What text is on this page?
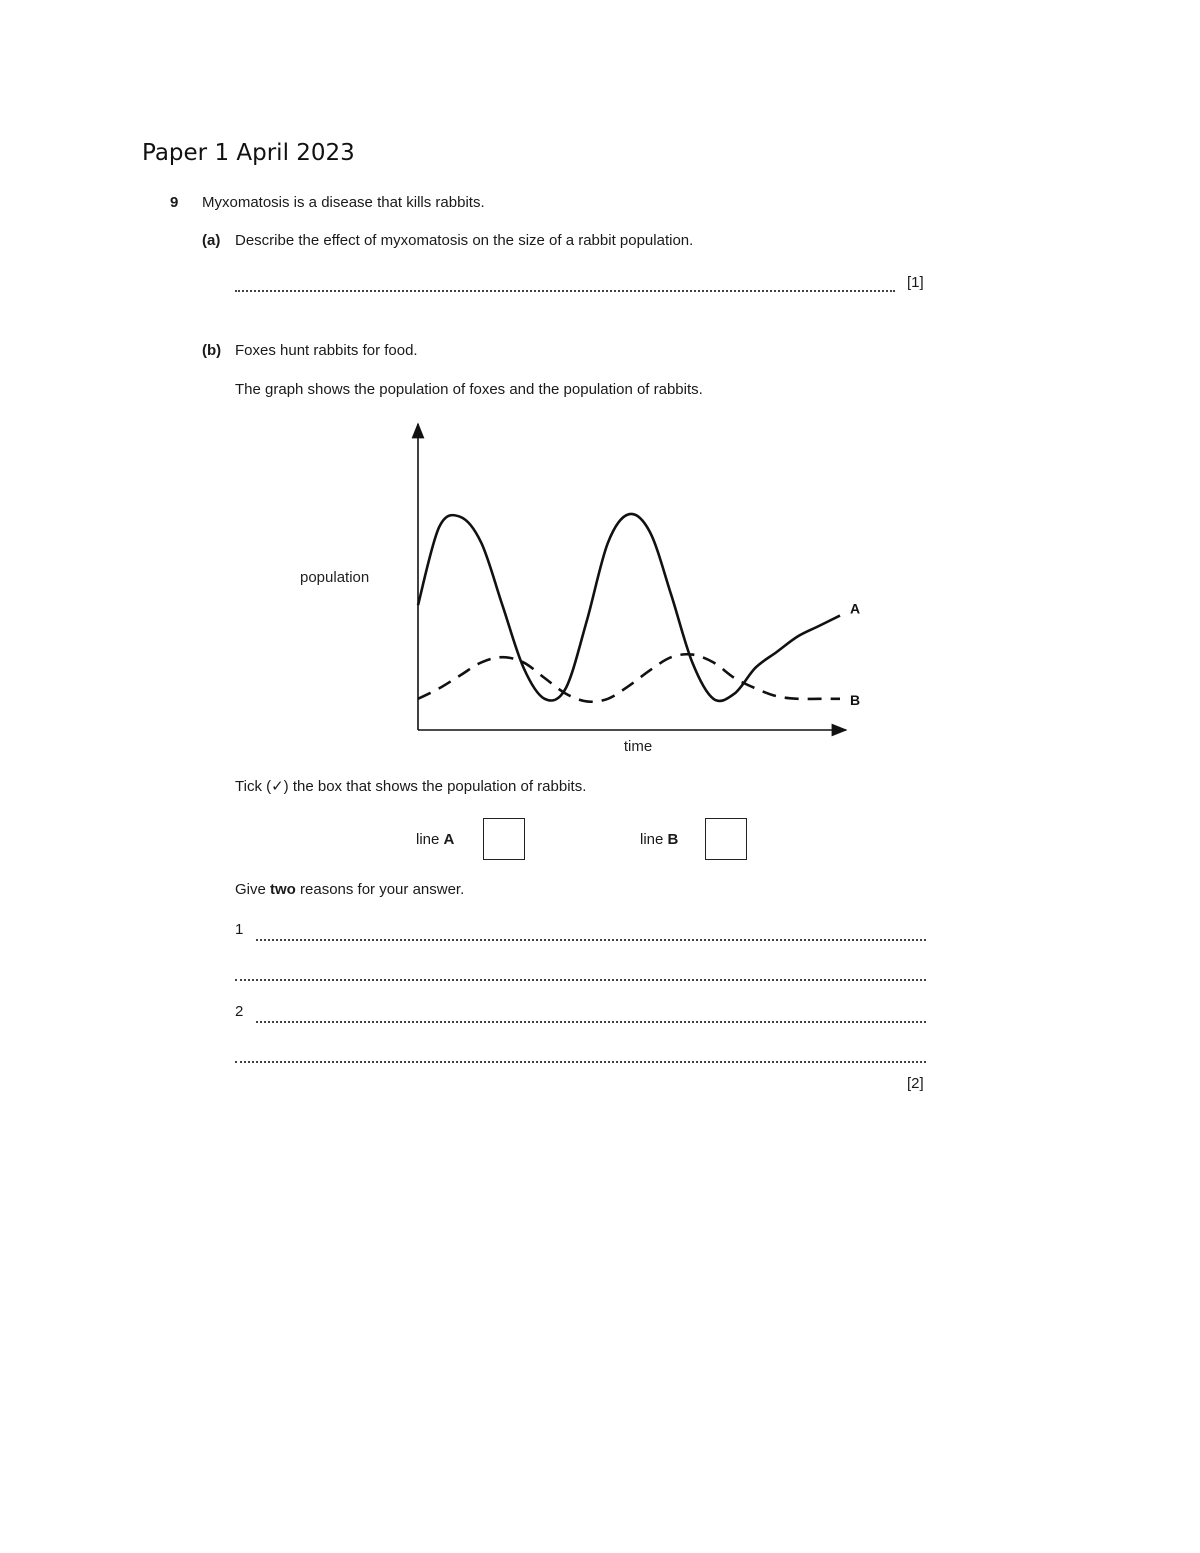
Paper 1 April 2023
9 Myxomatosis is a disease that kills rabbits.
(a) Describe the effect of myxomatosis on the size of a rabbit population.
[1]
(b) Foxes hunt rabbits for food.
The graph shows the population of foxes and the population of rabbits.
population
time
A
B
Tick (✓) the box that shows the population of rabbits.
line A	line B
Give two reasons for your answer.
1
2
[2]
